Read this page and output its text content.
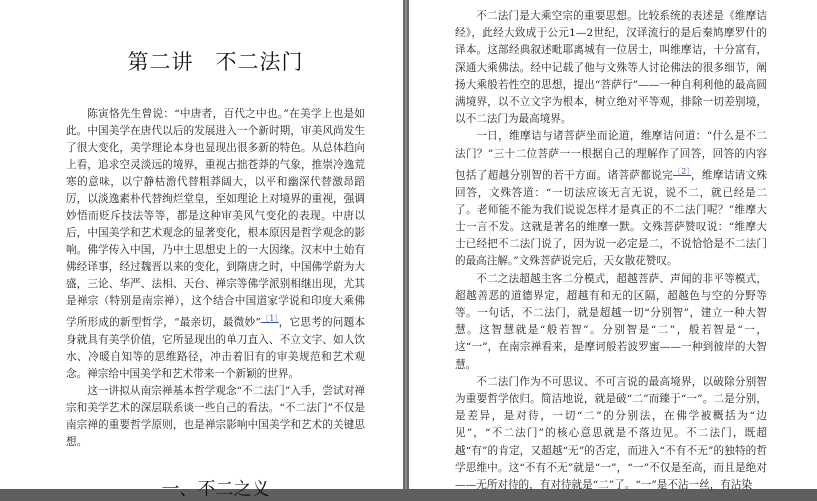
第二讲　不二法门

陈寅恪先生曾说：“中唐者，百代之中也。”在美学上也是如此。中国美学在唐代以后的发展进入一个新时期，审美风尚发生了很大变化，美学理论本身也显现出很多新的特色。从总体趋向上看，追求空灵淡远的境界，重视古拙苍莽的气象，推崇冷逸荒寒的意味，以宁静枯澹代替粗莽阔大，以平和幽深代替激昂蹈厉，以淡逸素朴代替绚烂堂皇，至如理论上对境界的重视，强调妙悟而贬斥技法等等，都是这种审美风气变化的表现。中唐以后，中国美学和艺术观念的显著变化，根本原因是哲学观念的影响。佛学传入中国，乃中土思想史上的一大因缘。汉末中土始有佛经译事，经过魏晋以来的变化，到隋唐之时，中国佛学蔚为大盛，三论、华严、法相、天台、禅宗等佛学派别相继出现，尤其是禅宗（特别是南宗禅），这个结合中国道家学说和印度大乘佛学所形成的新型哲学，“最亲切，最微妙”$^{〔1〕}$，它思考的问题本身就具有美学价值，它所显现出的单刀直入、不立文字、如人饮水、冷暖自知等的思维路径，冲击着旧有的审美规范和艺术观念。禅宗给中国美学和艺术带来一个新颖的世界。

这一讲拟从南宗禅基本哲学观念“不二法门”入手，尝试对禅宗和美学艺术的深层联系谈一些自己的看法。“不二法门”不仅是南宗禅的重要哲学原则，也是禅宗影响中国美学和艺术的关键思想。

一、不二之义

不二法门是大乘空宗的重要思想。比较系统的表述是《维摩诘经》，此经大致成于公元1—2世纪，汉译流行的是后秦鸠摩罗什的译本。这部经典叙述毗耶离城有一位居士，叫维摩诘，十分富有，深通大乘佛法。经中记载了他与文殊等人讨论佛法的很多细节，阐扬大乘般若性空的思想，提出“菩萨行”——一种自利利他的最高圆满境界，以不立文字为根本，树立绝对平等观，排除一切差别境，以不二法门为最高境界。

一日，维摩诘与诸菩萨坐而论道，维摩诘问道：“什么是不二法门？”三十二位菩萨一一根据自己的理解作了回答，回答的内容包括了超越分别智的若干方面。诸菩萨都说完$^{〔2〕}$，维摩诘请文殊回答，文殊答道：“一切法应该无言无说，说不二，就已经是二了。老师能不能为我们说说怎样才是真正的不二法门呢？”维摩大士一言不发。这就是著名的维摩一默。文殊菩萨赞叹说：“维摩大士已经把不二法门说了，因为说一必定是二，不说恰恰是不二法门的最高注解。”文殊菩萨说完后，天女散花赞叹。

不二之法超越主客二分模式，超越菩萨、声闻的非平等模式，超越善恶的道德界定，超越有和无的区隔，超越色与空的分野等等。一句话，不二法门，就是超越一切“分别智”，建立一种大智慧。这智慧就是“般若智”。分别智是“二”，般若智是“一，这“一”，在南宗禅看来，是摩诃般若波罗蜜——一种到彼岸的大智慧。

不二法门作为不可思议、不可言说的最高境界，以破除分别智为重要哲学依归。简洁地说，就是破“二”而臻于“一”。二是分别，是差异，是对待，一切“二”的分别法，在佛学被概括为“边见”，“不二法门”的核心意思就是不落边见。不二法门，既超越“有”的肯定，又超越“无”的否定，而进入“不有不无”的独特的哲学思维中。这“不有不无”就是“一”，“一”不仅是至高，而且是绝对——无所对待的，有对待就是“二”了。“一”是不沾一丝，有沾染
